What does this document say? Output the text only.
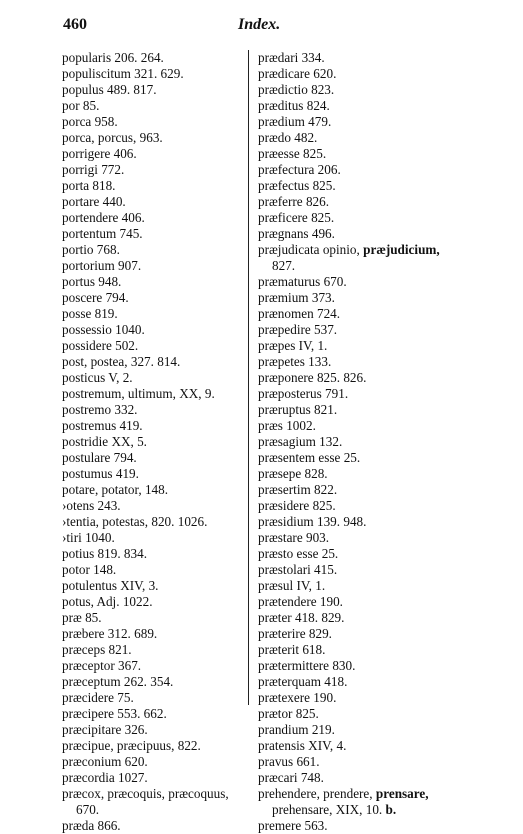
460	Index.
popularis 206. 264.
populiscitum 321. 629.
populus 489. 817.
por 85.
porca 958.
porca, porcus, 963.
porrigere 406.
porrigi 772.
porta 818.
portare 440.
portendere 406.
portentum 745.
portio 768.
portorium 907.
portus 948.
poscere 794.
posse 819.
possessio 1040.
possidere 502.
post, postea, 327. 814.
posticus V, 2.
postremum, ultimum, XX, 9.
postremo 332.
postremus 419.
postridie XX, 5.
postulare 794.
postumus 419.
potare, potator, 148.
›otens 243.
›tentia, potestas, 820. 1026.
›tiri 1040.
potius 819. 834.
potor 148.
potulentus XIV, 3.
potus, Adj. 1022.
præ 85.
præbere 312. 689.
præceps 821.
præceptor 367.
præceptum 262. 354.
præcidere 75.
præcipere 553. 662.
præcipitare 326.
præcipue, præcipuus, 822.
præconium 620.
præcordia 1027.
præcox, præcoquis, præcoquus,
670.
præda 866.
prædari 334.
prædicare 620.
prædictio 823.
præditus 824.
prædium 479.
prædo 482.
præesse 825.
præfectura 206.
præfectus 825.
præferre 826.
præficere 825.
prægnans 496.
præjudicata opinio, præjudicium,
827.
præmaturus 670.
præmium 373.
prænomen 724.
præpedire 537.
præpes IV, 1.
præpetes 133.
præponere 825. 826.
præposterus 791.
præruptus 821.
præs 1002.
præsagium 132.
præsentem esse 25.
præsepe 828.
præsertim 822.
præsidere 825.
præsidium 139. 948.
præstare 903.
præsto esse 25.
præstolari 415.
præsul IV, 1.
prætendere 190.
præter 418. 829.
præterire 829.
præterit 618.
prætermittere 830.
præterquam 418.
prætexere 190.
prætor 825.
prandium 219.
pratensis XIV, 4.
pravus 661.
præcari 748.
prehendere, prendere, prensare,
prehensare, XIX, 10. b.
premere 563.
